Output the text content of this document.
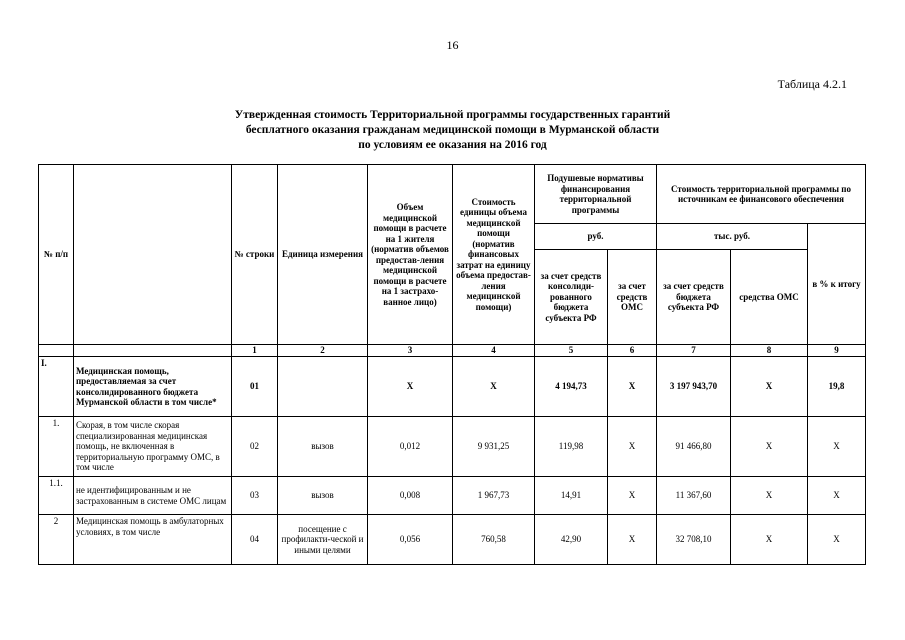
16
Таблица 4.2.1
Утвержденная стоимость Территориальной программы государственных гарантий
бесплатного оказания гражданам медицинской помощи в Мурманской области
по условиям ее оказания на 2016 год
№ п/п		№ строки	Единица измерения	Объем медицинской помощи в расчете на 1 жителя (норматив объемов предостав-ления медицинской помощи в расчете на 1 застрахо-ванное лицо)	Стоимость единицы объема медицинской помощи (норматив финансовых затрат на единицу объема предостав-ления медицинской помощи)	Подушевые нормативы финансирования территориальной программы		Стоимость территориальной программы по источникам ее финансового обеспечения		
						руб.		тыс. руб.		в % к итогу
						за счет средств консолиди-рованного бюджета субъекта РФ	за счет средств ОМС	за счет средств бюджета субъекта РФ	средства ОМС	
		1	2	3	4	5	6	7	8	9
I.	Медицинская помощь, предоставляемая за счет консолидированного бюджета Мурманской области в том числе*	01		X	X	4 194,73	X	3 197 943,70	X	19,8
1.	Скорая, в том числе скорая специализированная медицинская помощь, не включенная в территориальную программу ОМС, в том числе	02	вызов	0,012	9 931,25	119,98	X	91 466,80	X	X
1.1.	не идентифицированным и не застрахованным в системе ОМС лицам	03	вызов	0,008	1 967,73	14,91	X	11 367,60	X	X
2	Медицинская помощь в амбулаторных условиях, в том числе	04	посещение с профилакти-ческой и иными целями	0,056	760,58	42,90	X	32 708,10	X	X
